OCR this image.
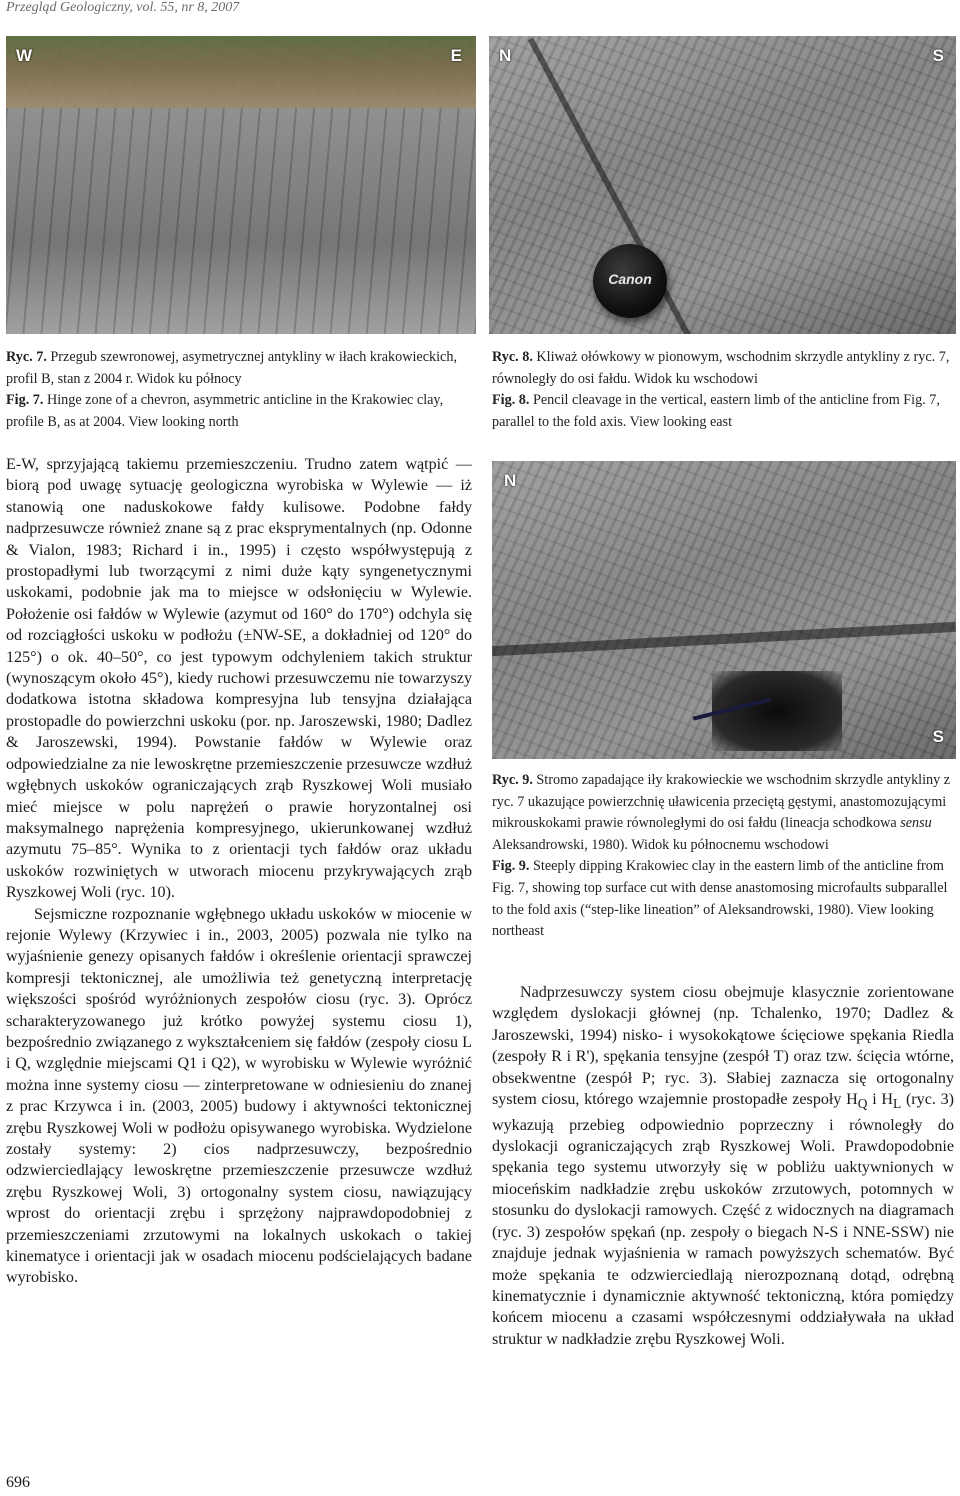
Przegląd Geologiczny, vol. 55, nr 8, 2007
W	E
Canon
N	S

Ryc. 7. Przegub szewronowej, asymetrycznej antykliny w iłach krakowieckich, profil B, stan z 2004 r. Widok ku północy

Fig. 7. Hinge zone of a chevron, asymmetric anticline in the Krakowiec clay, profile B, as at 2004. View looking north

Ryc. 8. Kliważ ołówkowy w pionowym, wschodnim skrzydle antykliny z ryc. 7, równoległy do osi fałdu. Widok ku wschodowi

Fig. 8. Pencil cleavage in the vertical, eastern limb of the anticline from Fig. 7, parallel to the fold axis. View looking east

E-W, sprzyjającą takiemu przemieszczeniu. Trudno zatem wątpić — biorą pod uwagę sytuację geologiczna wyrobiska w Wylewie — iż stanowią one naduskokowe fałdy kulisowe. Podobne fałdy nadprzesuwcze również znane są z prac eksprymentalnych (np. Odonne & Vialon, 1983; Richard i in., 1995) i często współwystępują z prostopadłymi lub tworzącymi z nimi duże kąty syngenetycznymi uskokami, podobnie jak ma to miejsce w odsłonięciu w Wylewie. Położenie osi fałdów w Wylewie (azymut od 160° do 170°) odchyla się od rozciągłości uskoku w podłożu (±NW-SE, a dokładniej od 120° do 125°) o ok. 40–50°, co jest typowym odchyleniem takich struktur (wynoszącym około 45°), kiedy ruchowi przesuwczemu nie towarzyszy dodatkowa istotna składowa kompresyjna lub tensyjna działająca prostopadle do powierzchni uskoku (por. np. Jaroszewski, 1980; Dadlez & Jaroszewski, 1994). Powstanie fałdów w Wylewie oraz odpowiedzialne za nie lewoskrętne przemieszczenie przesuwcze wzdłuż wgłębnych uskoków ograniczających zrąb Ryszkowej Woli musiało mieć miejsce w polu naprężeń o prawie horyzontalnej osi maksymalnego naprężenia kompresyjnego, ukierunkowanej wzdłuż azymutu 75–85°. Wynika to z orientacji tych fałdów oraz układu uskoków rozwiniętych w utworach miocenu przykrywających zrąb Ryszkowej Woli (ryc. 10).

Sejsmiczne rozpoznanie wgłębnego układu uskoków w miocenie w rejonie Wylewy (Krzywiec i in., 2003, 2005) pozwala nie tylko na wyjaśnienie genezy opisanych fałdów i określenie orientacji sprawczej kompresji tektonicznej, ale umożliwia też genetyczną interpretację większości spośród wyróżnionych zespołów ciosu (ryc. 3). Oprócz scharakteryzowanego już krótko powyżej systemu ciosu 1), bezpośrednio związanego z wykształceniem się fałdów (zespoły ciosu L i Q, względnie miejscami Q1 i Q2), w wyrobisku w Wylewie wyróżnić można inne systemy ciosu — zinterpretowane w odniesieniu do znanej z prac Krzywca i in. (2003, 2005) budowy i aktywności tektonicznej zrębu Ryszkowej Woli w podłożu opisywanego wyrobiska. Wydzielone zostały systemy: 2) cios nadprzesuwczy, bezpośrednio odzwierciedlający lewoskrętne przemieszczenie przesuwcze wzdłuż zrębu Ryszkowej Woli, 3) ortogonalny system ciosu, nawiązujący wprost do orientacji zrębu i sprzężony najprawdopodobniej z przemieszczeniami zrzutowymi na lokalnych uskokach o takiej kinematyce i orientacji jak w osadach miocenu podścielających badane wyrobisko.

N
S

Ryc. 9. Stromo zapadające iły krakowieckie we wschodnim skrzydle antykliny z ryc. 7 ukazujące powierzchnię uławicenia przeciętą gęstymi, anastomozującymi mikrouskokami prawie równoległymi do osi fałdu (lineacja schodkowa sensu Aleksandrowski, 1980). Widok ku północnemu wschodowi

Fig. 9. Steeply dipping Krakowiec clay in the eastern limb of the anticline from Fig. 7, showing top surface cut with dense anastomosing microfaults subparallel to the fold axis (“step-like lineation” of Aleksandrowski, 1980). View looking northeast

Nadprzesuwczy system ciosu obejmuje klasycznie zorientowane względem dyslokacji głównej (np. Tchalenko, 1970; Dadlez & Jaroszewski, 1994) nisko- i wysokokątowe ścięciowe spękania Riedla (zespoły R i R'), spękania tensyjne (zespół T) oraz tzw. ścięcia wtórne, obsekwentne (zespół P; ryc. 3). Słabiej zaznacza się ortogonalny system ciosu, którego wzajemnie prostopadłe zespoły $H_Q$ i $H_L$ (ryc. 3) wykazują przebieg odpowiednio poprzeczny i równoległy do dyslokacji ograniczających zrąb Ryszkowej Woli. Prawdopodobnie spękania tego systemu utworzyły się w pobliżu uaktywnionych w mioceńskim nadkładzie zrębu uskoków zrzutowych, potomnych w stosunku do dyslokacji ramowych. Część z widocznych na diagramach (ryc. 3) zespołów spękań (np. zespoły o biegach N-S i NNE-SSW) nie znajduje jednak wyjaśnienia w ramach powyższych schematów. Być może spękania te odzwierciedlają nierozpoznaną dotąd, odrębną kinematycznie i dynamicznie aktywność tektoniczną, która pomiędzy końcem miocenu a czasami współczesnymi oddziaływała na układ struktur w nadkładzie zrębu Ryszkowej Woli.

696
